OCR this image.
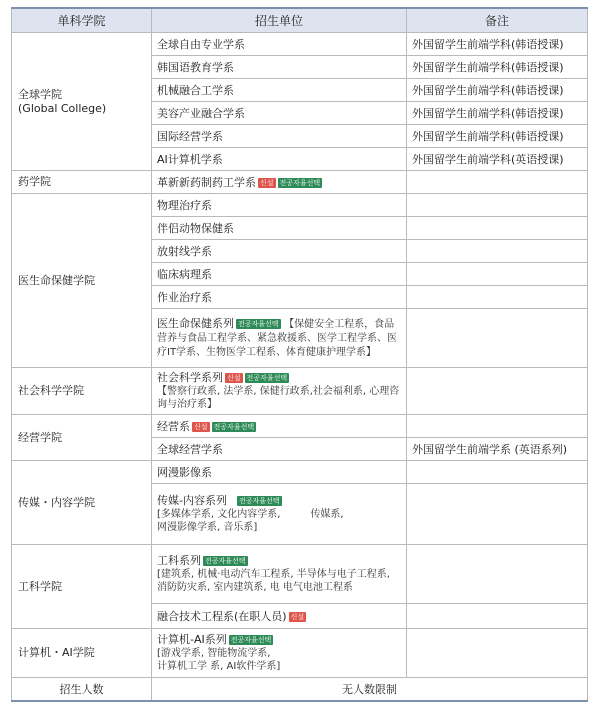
单科学院	招生单位	备注

全球学院
(Global College)	全球自由专业学系	外国留学生前端学科(韩语授课)
	韩国语教育学系	外国留学生前端学科(韩语授课)
	机械融合工学系	外国留学生前端学科(韩语授课)
	美容产业融合学系	外国留学生前端学科(韩语授课)
	国际经营学系	外国留学生前端学科(韩语授课)
	AI计算机学系	外国留学生前端学科(英语授课)
药学院	革新新药制药工学系 신설 전공자율선택	
医生命保健学院	物理治疗系	
	伴侣动物保健系	
	放射线学系	
	临床病理系	
	作业治疗系	
	医生命保健系列 전공자율선택 【保健安全工程系，食品营养与食品工程学系、紧急救援系、医学工程学系、医疗IT学系、生物医学工程系、体育健康护理学系】	
社会科学学院	社会科学系列 신설 전공자율선택
【警察行政系, 法学系, 保健行政系,社会福利系, 心理咨询与治疗系】	

经营学院	经营系 신설 전공자율선택	
	全球经营学系	外国留学生前端学系 (英语系列)
传媒・内容学院	网漫影像系	

	传媒-内容系列 전공자율선택
[多媒体学系, 文化内容学系, 传媒系,
网漫影像学系, 音乐系]	

工科学院	工科系列 전공자율선택
[建筑系, 机械·电动汽车工程系, 半导体与电子工程系,
消防防灾系, 室内建筑系, 电 电气电池工程系	

	融合技术工程系(在职人员) 신설	
计算机・AI学院	计算机-AI系列 전공자율선택
[游戏学系, 智能物流学系,
计算机工学 系, AI软件学系]	

招生人数	无人数限制	
